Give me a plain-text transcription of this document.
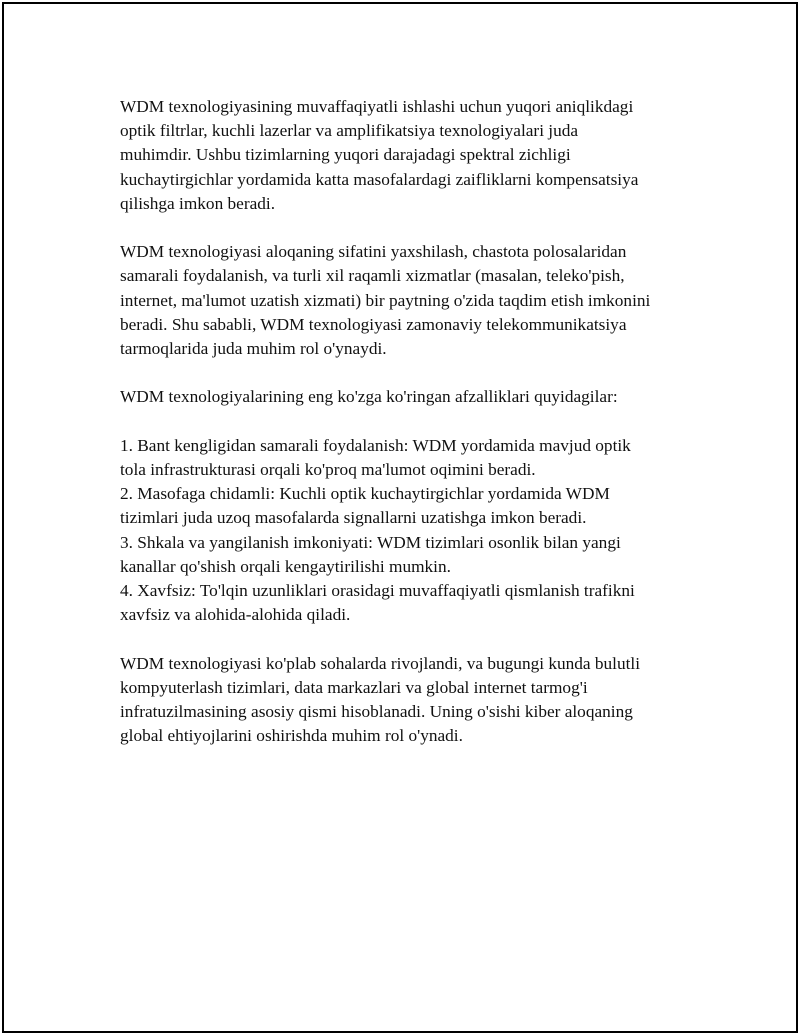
WDM texnologiyasining muvaffaqiyatli ishlashi uchun yuqori aniqlikdagi
optik filtrlar, kuchli lazerlar va amplifikatsiya texnologiyalari juda
muhimdir. Ushbu tizimlarning yuqori darajadagi spektral zichligi
kuchaytirgichlar yordamida katta masofalardagi zaifliklarni kompensatsiya
qilishga imkon beradi.
WDM texnologiyasi aloqaning sifatini yaxshilash, chastota polosalaridan
samarali foydalanish, va turli xil raqamli xizmatlar (masalan, teleko'pish,
internet, ma'lumot uzatish xizmati) bir paytning o'zida taqdim etish imkonini
beradi. Shu sababli, WDM texnologiyasi zamonaviy telekommunikatsiya
tarmoqlarida juda muhim rol o'ynaydi.
WDM texnologiyalarining eng ko'zga ko'ringan afzalliklari quyidagilar:
1. Bant kengligidan samarali foydalanish: WDM yordamida mavjud optik
tola infrastrukturasi orqali ko'proq ma'lumot oqimini beradi.
2. Masofaga chidamli: Kuchli optik kuchaytirgichlar yordamida WDM
tizimlari juda uzoq masofalarda signallarni uzatishga imkon beradi.
3. Shkala va yangilanish imkoniyati: WDM tizimlari osonlik bilan yangi
kanallar qo'shish orqali kengaytirilishi mumkin.
4. Xavfsiz: To'lqin uzunliklari orasidagi muvaffaqiyatli qismlanish trafikni
xavfsiz va alohida-alohida qiladi.
WDM texnologiyasi ko'plab sohalarda rivojlandi, va bugungi kunda bulutli
kompyuterlash tizimlari, data markazlari va global internet tarmog'i
infratuzilmasining asosiy qismi hisoblanadi. Uning o'sishi kiber aloqaning
global ehtiyojlarini oshirishda muhim rol o'ynadi.
